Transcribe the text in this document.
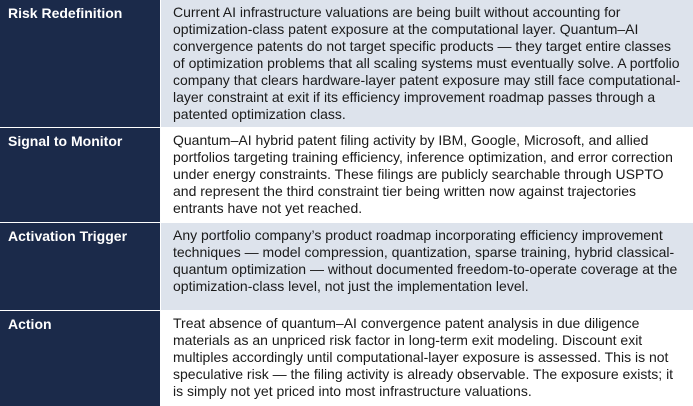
Risk Redefinition	Current AI infrastructure valuations are being built without accounting for optimization-class patent exposure at the computational layer. Quantum–AI convergence patents do not target specific products — they target entire classes of optimization problems that all scaling systems must eventually solve. A portfolio company that clears hardware-layer patent exposure may still face computational-layer constraint at exit if its efficiency improvement roadmap passes through a patented optimization class.
Signal to Monitor	Quantum–AI hybrid patent filing activity by IBM, Google, Microsoft, and allied portfolios targeting training efficiency, inference optimization, and error correction under energy constraints. These filings are publicly searchable through USPTO and represent the third constraint tier being written now against trajectories entrants have not yet reached.
Activation Trigger	Any portfolio company’s product roadmap incorporating efficiency improvement techniques — model compression, quantization, sparse training, hybrid classical-quantum optimization — without documented freedom-to-operate coverage at the optimization-class level, not just the implementation level.
Action	Treat absence of quantum–AI convergence patent analysis in due diligence materials as an unpriced risk factor in long-term exit modeling. Discount exit multiples accordingly until computational-layer exposure is assessed. This is not speculative risk — the filing activity is already observable. The exposure exists; it is simply not yet priced into most infrastructure valuations.
